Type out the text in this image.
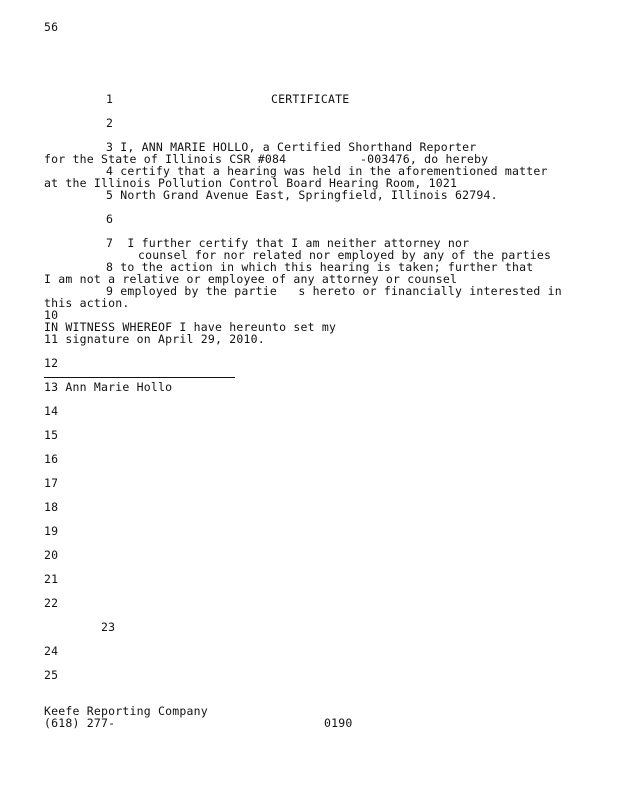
56
1	CERTIFICATE
2
3 I, ANN MARIE HOLLO, a Certified Shorthand Reporter
for the State of Illinois CSR #084	-003476, do hereby
4 certify that a hearing was held in the aforementioned matter
at the Illinois Pollution Control Board Hearing Room, 1021
5 North Grand Avenue East, Springfield, Illinois 62794.
6
7  I further certify that I am neither attorney nor
counsel for nor related nor employed by any of the parties
8 to the action in which this hearing is taken; further that
I am not a relative or employee of any attorney or counsel
9 employed by the partie   s hereto or financially interested in
this action.
10
IN WITNESS WHEREOF I have hereunto set my
11 signature on April 29, 2010.
12
13 Ann Marie Hollo
14
15
16
17
18
19
20
21
22
23
24
25
Keefe Reporting Company
(618) 277-	0190
